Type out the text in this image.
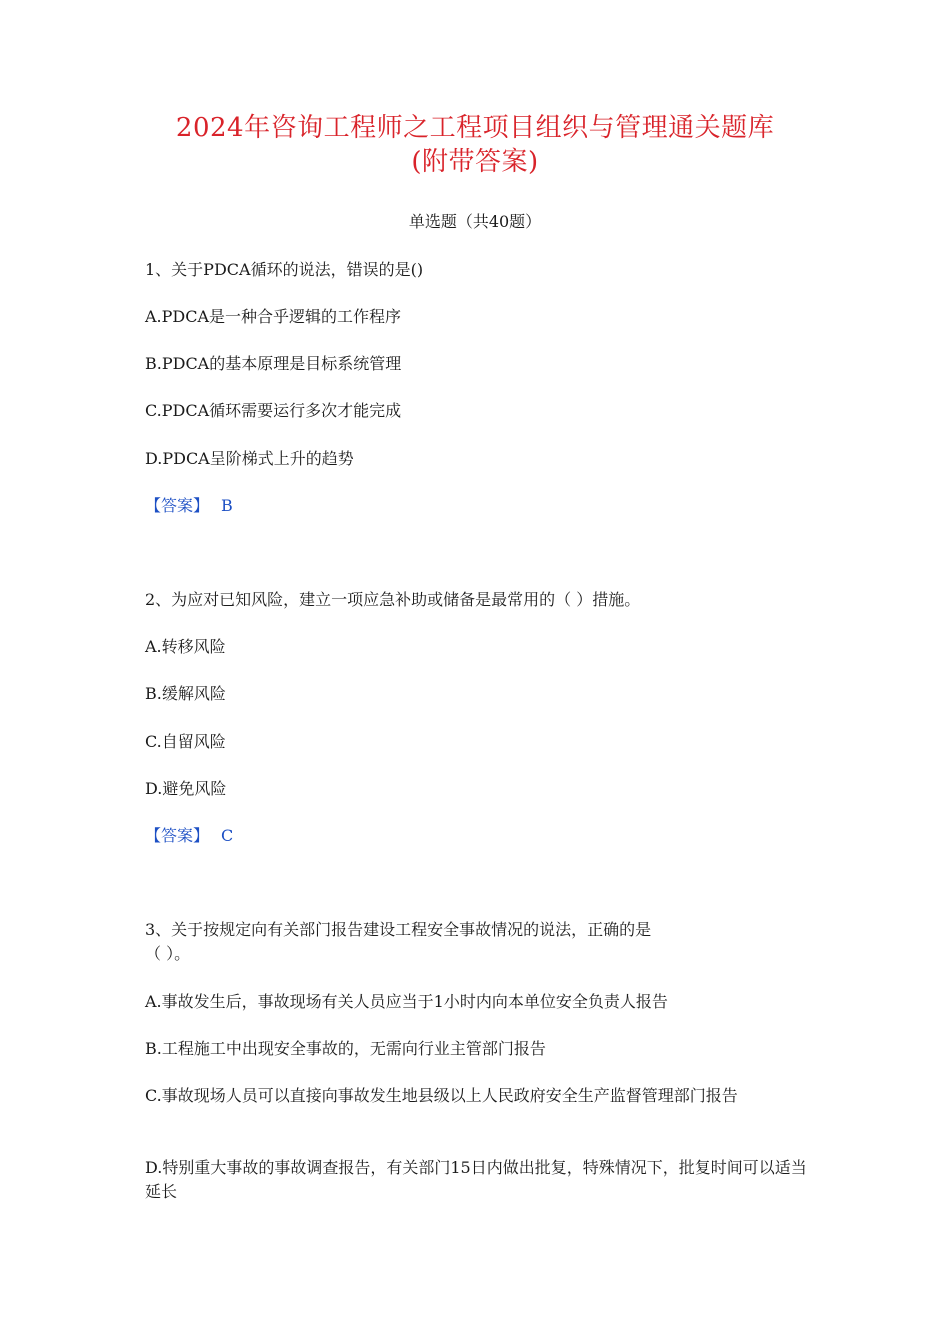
2024年咨询工程师之工程项目组织与管理通关题库
(附带答案)
单选题（共40题）
1、关于PDCA循环的说法，错误的是()
A.PDCA是一种合乎逻辑的工作程序
B.PDCA的基本原理是目标系统管理
C.PDCA循环需要运行多次才能完成
D.PDCA呈阶梯式上升的趋势
【答案】 B
2、为应对已知风险，建立一项应急补助或储备是最常用的（ ）措施。
A.转移风险
B.缓解风险
C.自留风险
D.避免风险
【答案】 C
3、关于按规定向有关部门报告建设工程安全事故情况的说法，正确的是
（ ）。
A.事故发生后，事故现场有关人员应当于1小时内向本单位安全负责人报告
B.工程施工中出现安全事故的，无需向行业主管部门报告
C.事故现场人员可以直接向事故发生地县级以上人民政府安全生产监督管理部门报告
D.特别重大事故的事故调查报告，有关部门15日内做出批复，特殊情况下，批复时间可以适当延长
